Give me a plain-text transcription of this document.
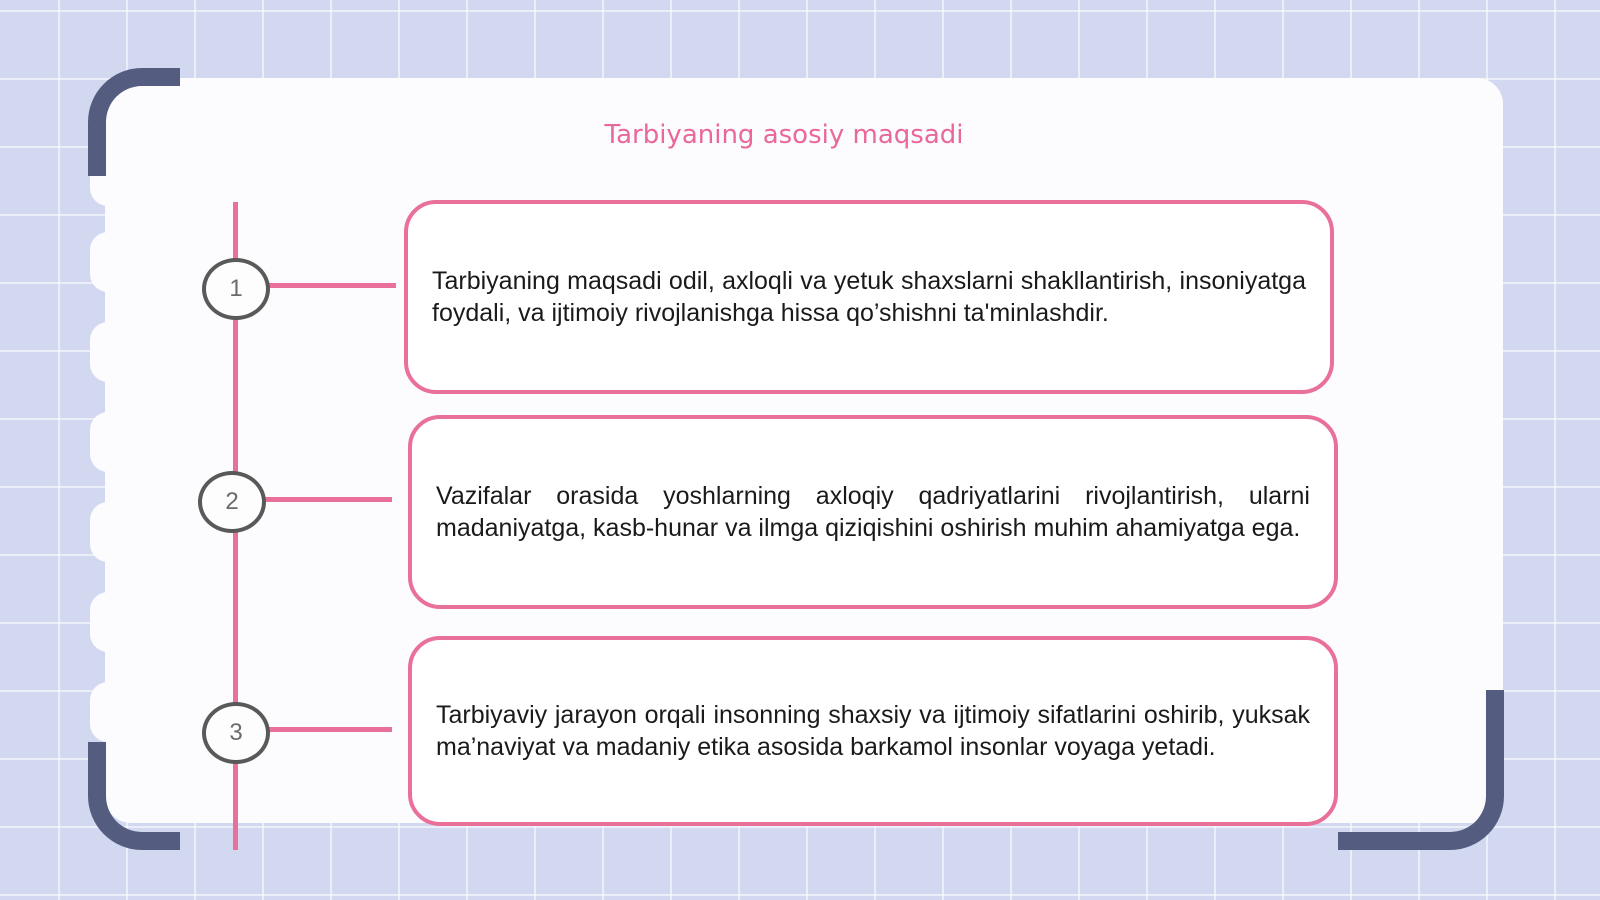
Tarbiyaning asosiy maqsadi
1
2
3

Tarbiyaning maqsadi odil, axloqli va yetuk shaxslarni shakllantirish, insoniyatga foydali, va ijtimoiy rivojlanishga hissa qo’shishni ta'minlashdir.

Vazifalar orasida yoshlarning axloqiy qadriyatlarini rivojlantirish, ularni madaniyatga, kasb-hunar va ilmga qiziqishini oshirish muhim ahamiyatga ega.

Tarbiyaviy jarayon orqali insonning shaxsiy va ijtimoiy sifatlarini oshirib, yuksak ma’naviyat va madaniy etika asosida barkamol insonlar voyaga yetadi.
